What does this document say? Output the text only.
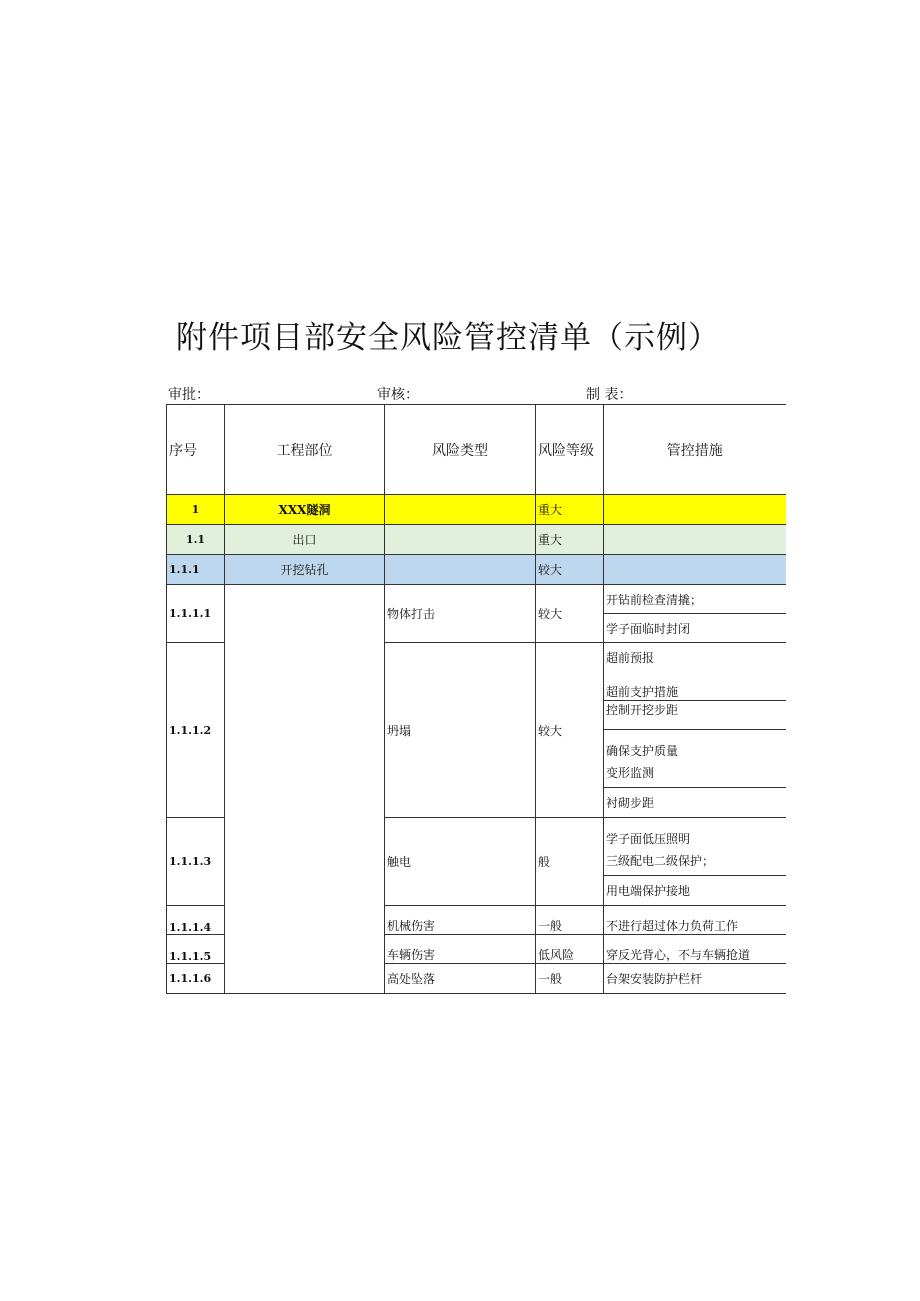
附件项目部安全风险管控清单（示例）
审批：	审核：	制 表：
序号	工程部位	风险类型	风险等级	管控措施
1	XXX隧洞		重大	
1.1	出口		重大	
1.1.1	开挖钻孔		较大	
1.1.1.1		物体打击	较大	开钻前检查清撬；
				学子面临时封闭
1.1.1.2		坍塌	较大	超前预报
				超前支护措施
				控制开挖步距
				确保支护质量
				变形监测
				衬砌步距
1.1.1.3		触电	般	学子面低压照明
				三级配电二级保护；
				用电端保护接地
1.1.1.4		机械伤害	一般	不进行超过体力负荷工作
1.1.1.5		车辆伤害	低风险	穿反光背心，不与车辆抢道
1.1.1.6		高处坠落	一般	台架安装防护栏杆
